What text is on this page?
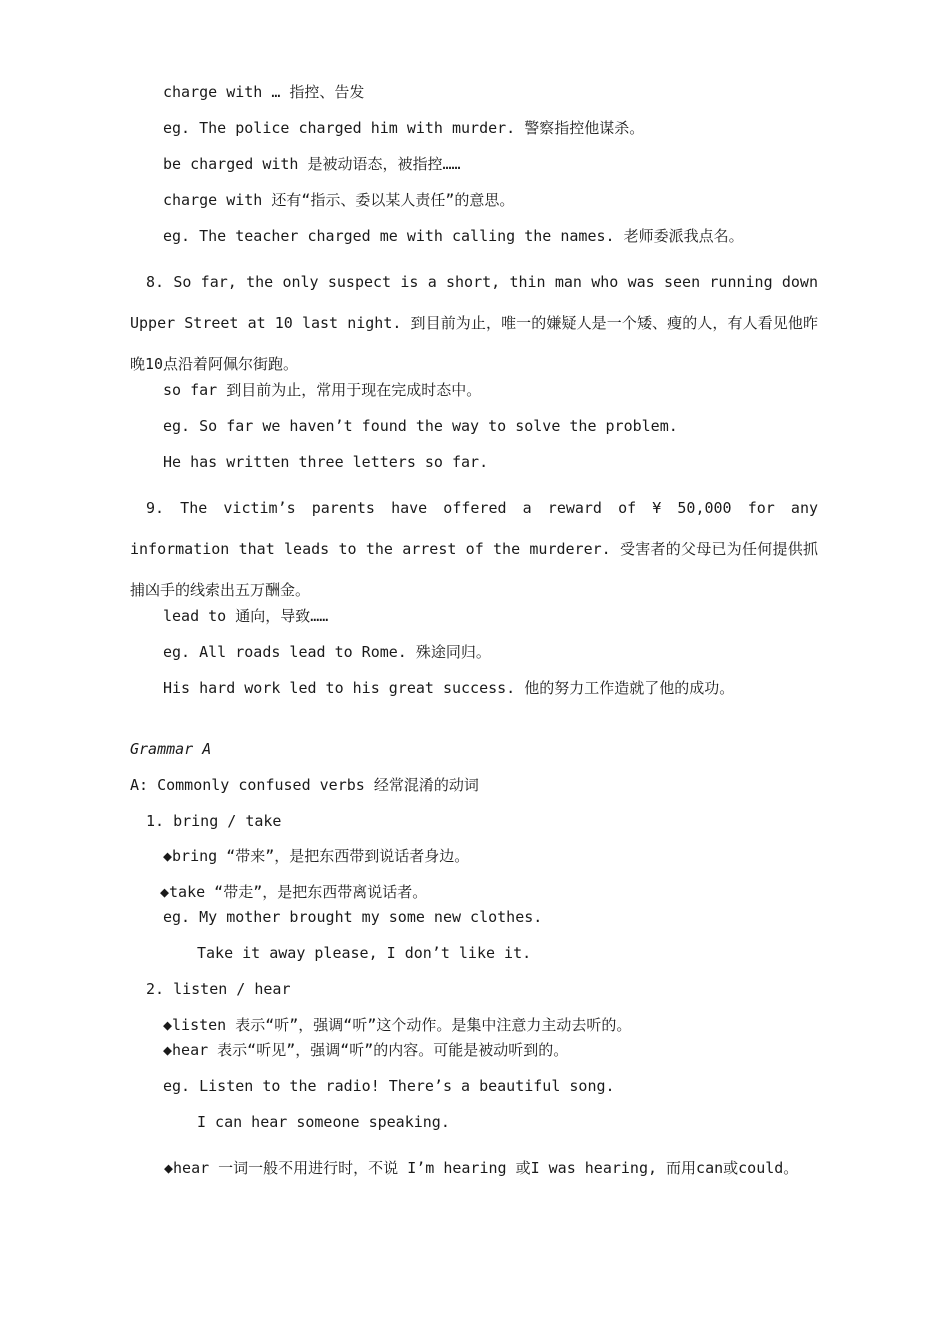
charge with … 指控、告发
eg. The police charged him with murder. 警察指控他谋杀。
be charged with 是被动语态，被指控……
charge with 还有“指示、委以某人责任”的意思。
eg. The teacher charged me with calling the names. 老师委派我点名。
8. So far, the only suspect is a short, thin man who was seen running down Upper Street at 10 last night. 到目前为止，唯一的嫌疑人是一个矮、瘦的人，有人看见他昨晚10点沿着阿佩尔街跑。
so far 到目前为止，常用于现在完成时态中。
eg. So far we haven’t found the way to solve the problem.
He has written three letters so far.
9. The victim’s parents have offered a reward of ¥ 50,000 for any information that leads to the arrest of the murderer. 受害者的父母已为任何提供抓捕凶手的线索出五万酬金。
lead to 通向，导致……
eg. All roads lead to Rome. 殊途同归。
His hard work led to his great success. 他的努力工作造就了他的成功。
Grammar A
A: Commonly confused verbs 经常混淆的动词
1. bring / take
◆bring “带来”，是把东西带到说话者身边。
◆take “带走”，是把东西带离说话者。
eg. My mother brought my some new clothes.
Take it away please, I don’t like it.
2. listen / hear
◆listen 表示“听”，强调“听”这个动作。是集中注意力主动去听的。
◆hear 表示“听见”，强调“听”的内容。可能是被动听到的。
eg. Listen to the radio! There’s a beautiful song.
I can hear someone speaking.
◆hear 一词一般不用进行时，不说 I’m hearing 或I was hearing, 而用can或could。
